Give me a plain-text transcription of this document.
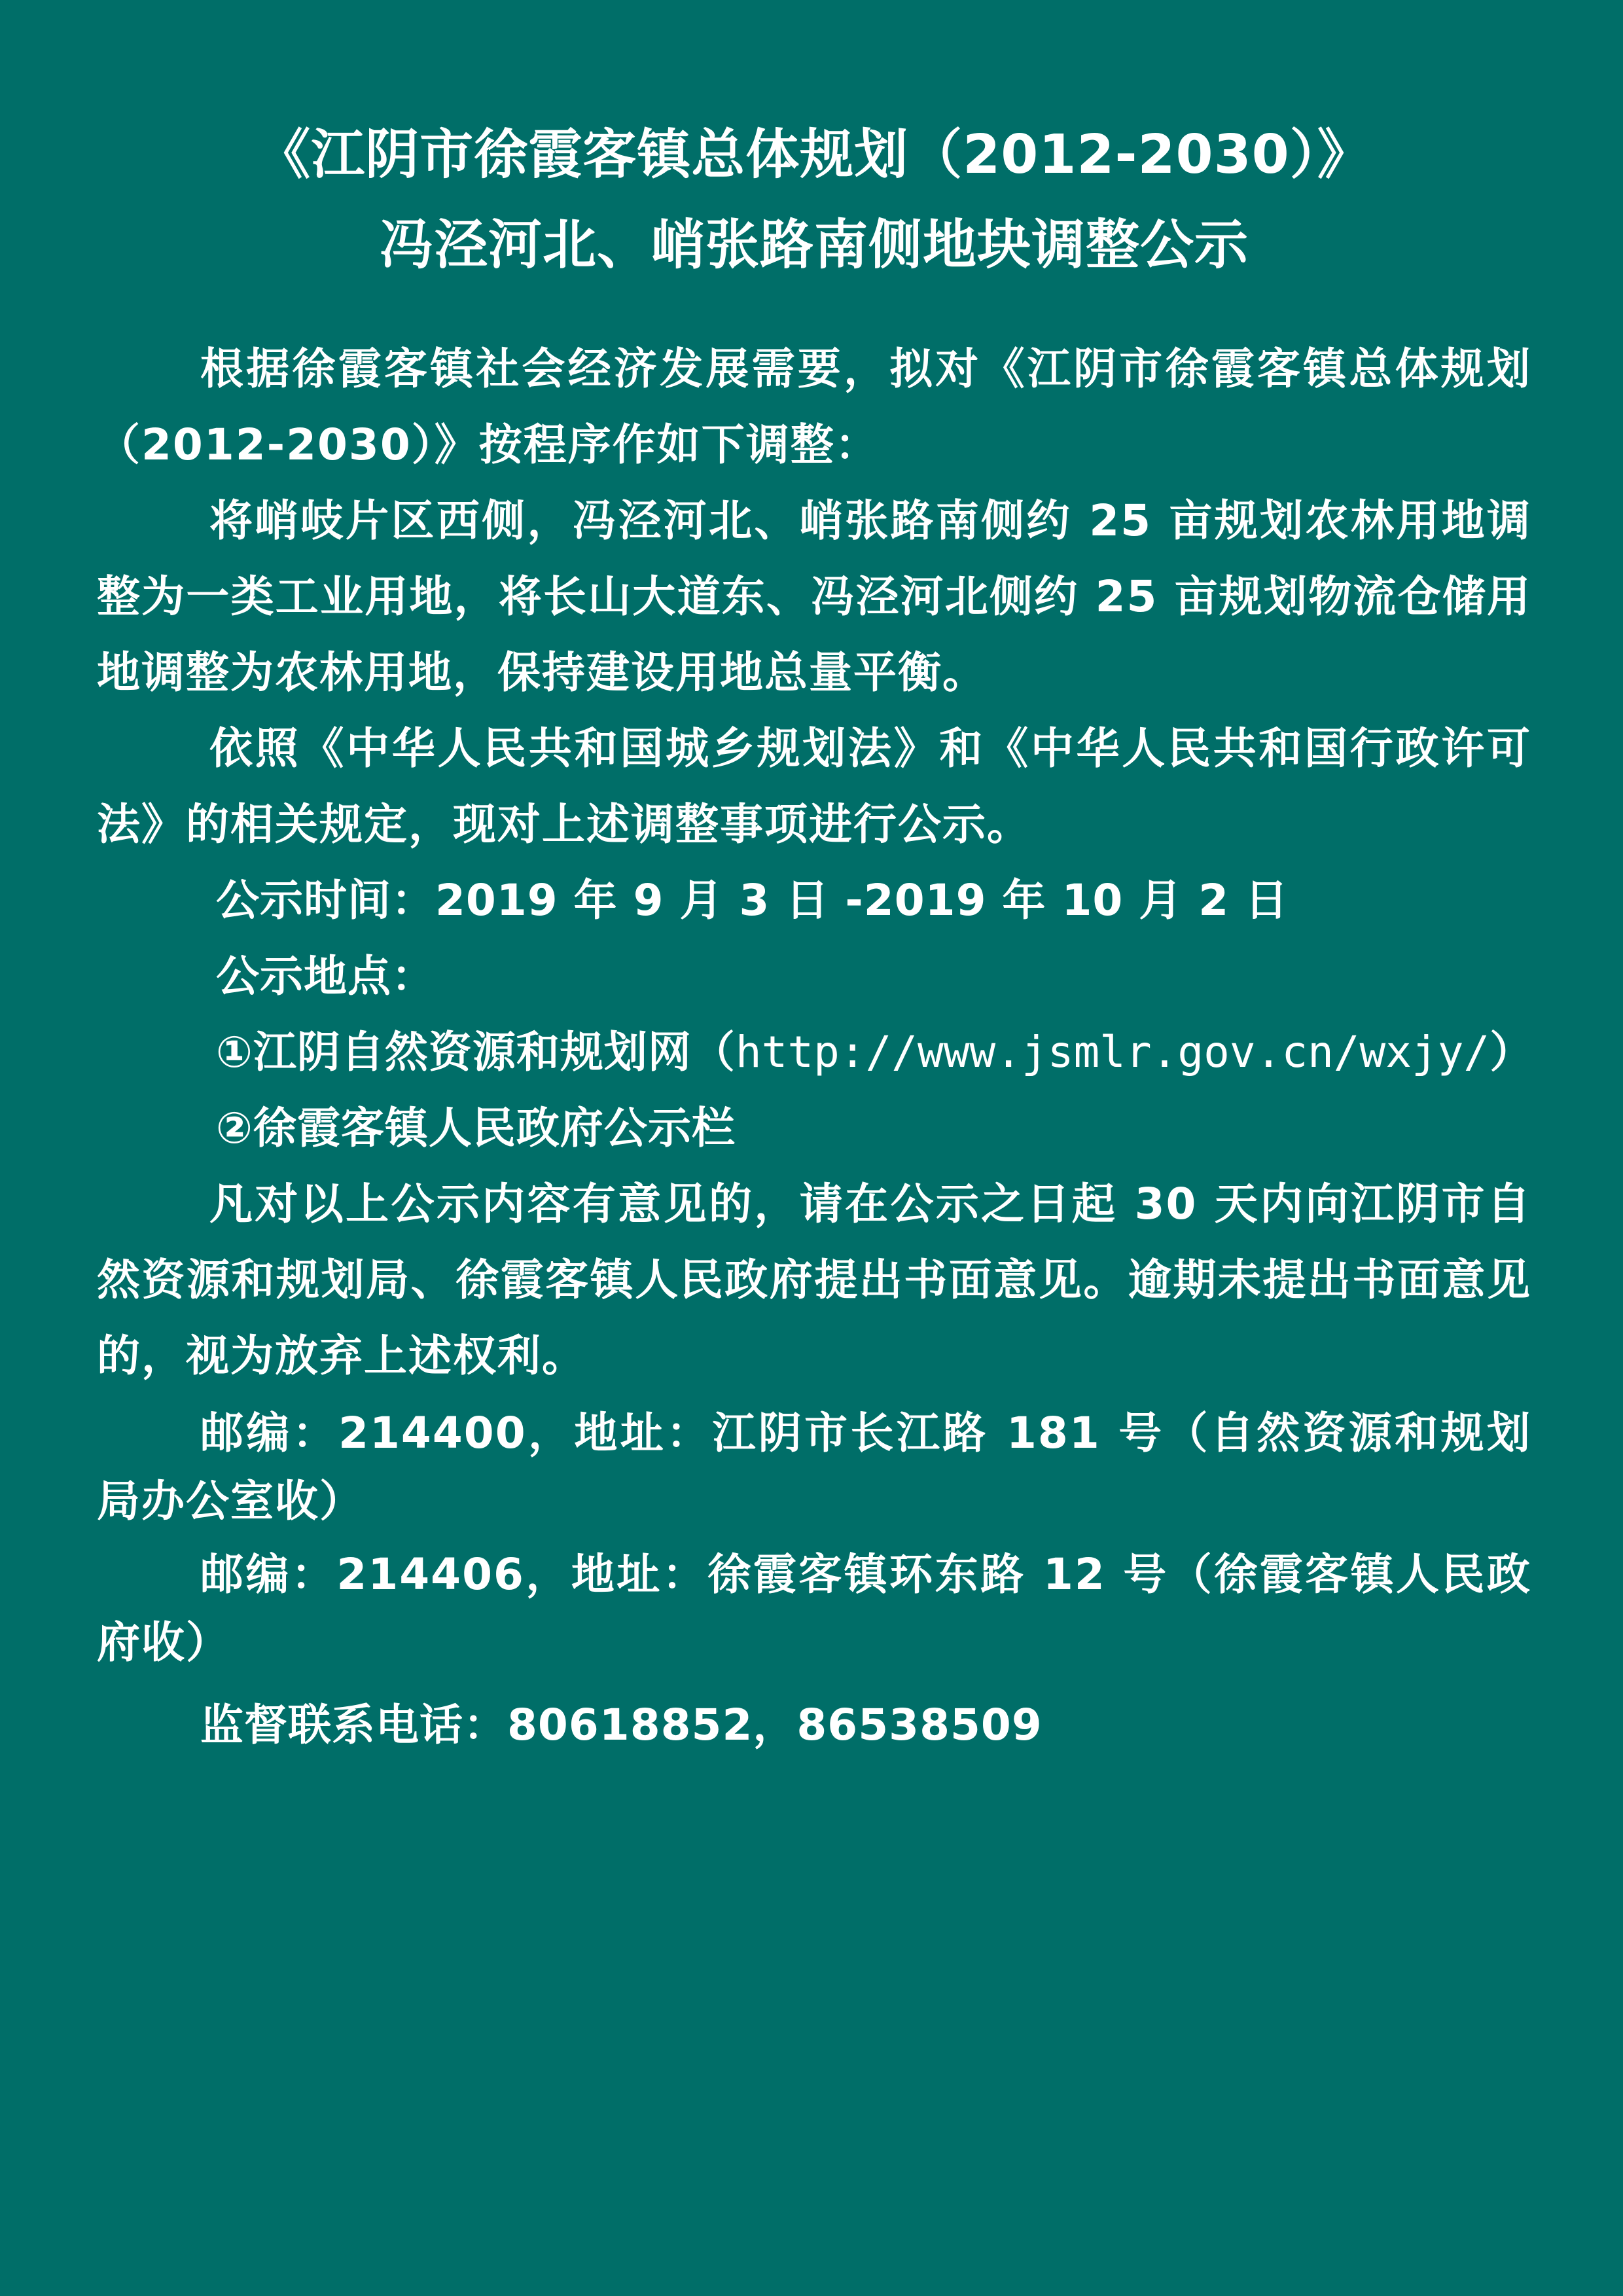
《江阴市徐霞客镇总体规划（2012-2030）》
冯泾河北、峭张路南侧地块调整公示

根据徐霞客镇社会经济发展需要，拟对《江阴市徐霞客镇总体规划（2012-2030）》按程序作如下调整：

将峭岐片区西侧，冯泾河北、峭张路南侧约 25 亩规划农林用地调整为一类工业用地，将长山大道东、冯泾河北侧约 25 亩规划物流仓储用地调整为农林用地，保持建设用地总量平衡。

依照《中华人民共和国城乡规划法》和《中华人民共和国行政许可法》的相关规定，现对上述调整事项进行公示。

公示时间：2019 年 9 月 3 日 -2019 年 10 月 2 日

公示地点：

①江阴自然资源和规划网（http://www.jsmlr.gov.cn/wxjy/）

②徐霞客镇人民政府公示栏

凡对以上公示内容有意见的，请在公示之日起 30 天内向江阴市自然资源和规划局、徐霞客镇人民政府提出书面意见。逾期未提出书面意见的，视为放弃上述权利。

邮编：214400，地址：江阴市长江路 181 号（自然资源和规划局办公室收）

邮编：214406，地址：徐霞客镇环东路 12 号（徐霞客镇人民政府收）

监督联系电话：80618852，86538509
